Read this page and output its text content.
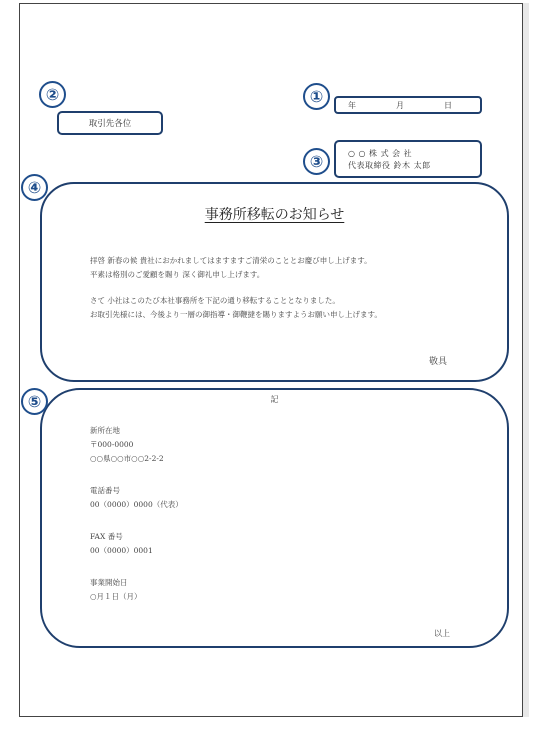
年	月	日
取引先各位
○ ○ 株 式 会 社
代表取締役 鈴木 太郎
事務所移転のお知らせ
拝啓 新春の候 貴社におかれましてはますますご清栄のこととお慶び申し上げます。
平素は格別のご愛顧を賜り 深く御礼申し上げます。
さて 小社はこのたび本社事務所を下記の通り移転することとなりました。
お取引先様には、今後より一層の御指導・御鞭撻を賜りますようお願い申し上げます。
敬具
記
新所在地
〒000-0000
○○県○○市○○2-2-2
電話番号
00（0000）0000（代表）
FAX 番号
00（0000）0001
事業開始日
○月１日（月）
以上
①
②
③
④
⑤
